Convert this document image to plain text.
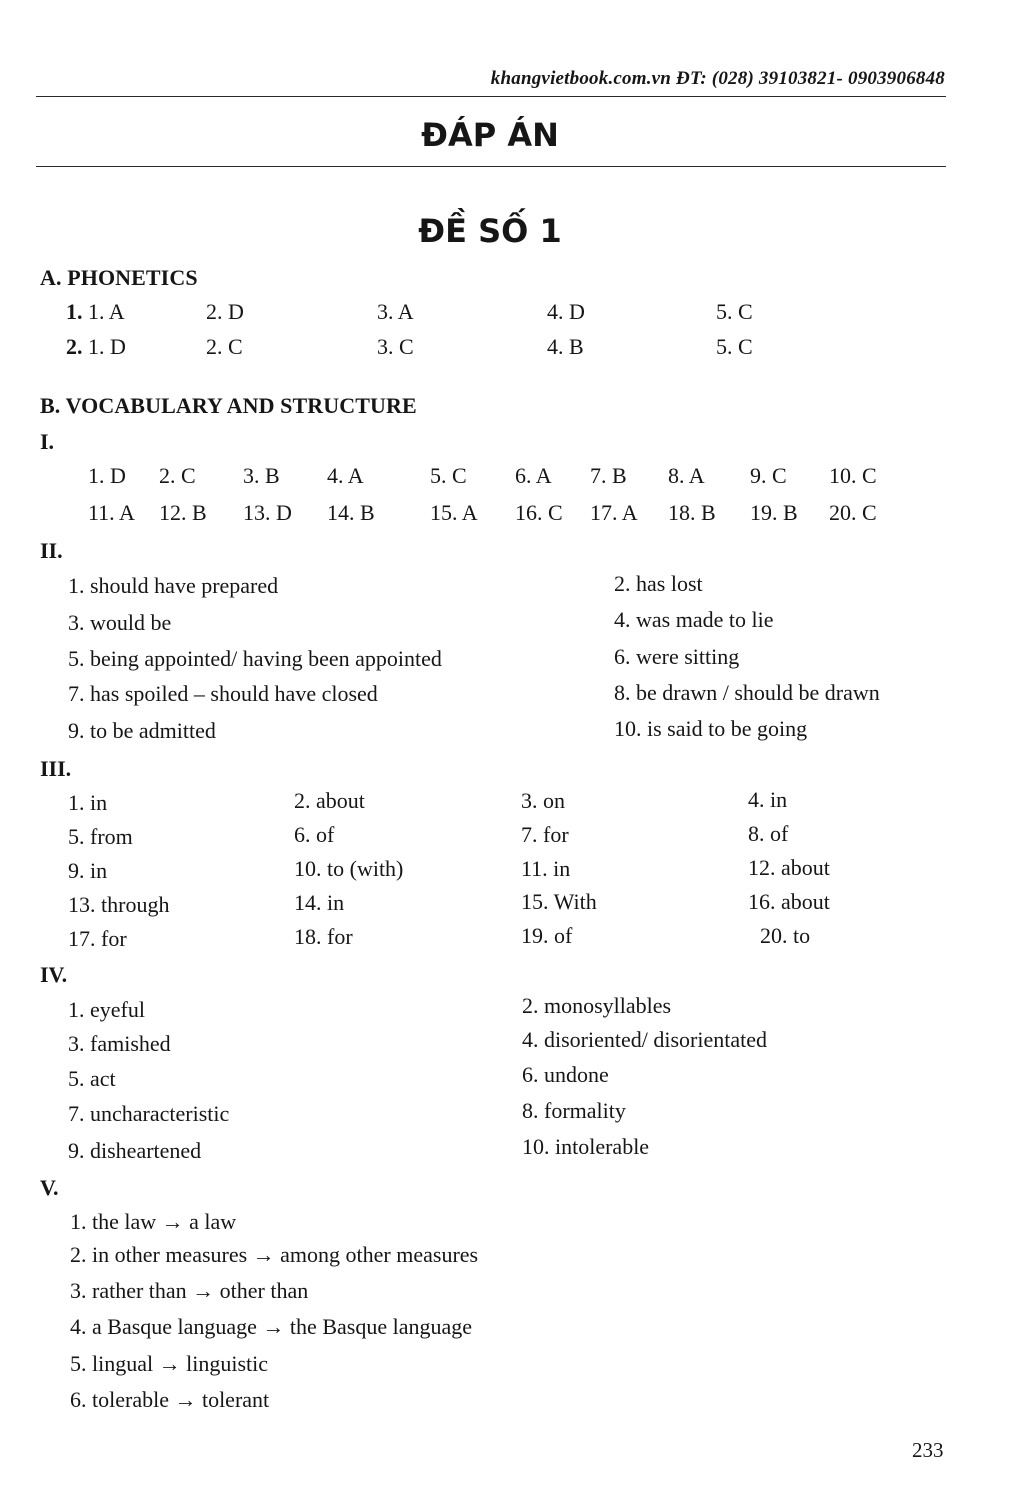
khangvietbook.com.vn ĐT: (028) 39103821- 0903906848
ĐÁP ÁN
ĐỀ SỐ 1
A. PHONETICS
1. 1. A	2. D	3. A	4. D	5. C
2. 1. D	2. C	3. C	4. B	5. C
B. VOCABULARY AND STRUCTURE
I.
1. D 2. C 3. B 4. A	5. C 6. A 7. B 8. A 9. C 10. C
11. A 12. B 13. D 14. B	15. A 16. C 17. A 18. B 19. B 20. C
II.
1. should have prepared	2. has lost
3. would be	4. was made to lie
5. being appointed/ having been appointed	6. were sitting
7. has spoiled – should have closed	8. be drawn / should be drawn
9. to be admitted	10. is said to be going
III.
1. in	2. about	3. on	4. in
5. from	6. of	7. for	8. of
9. in	10. to (with)	11. in	12. about
13. through	14. in	15. With	16. about
17. for	18. for	19. of	20. to
IV.
1. eyeful	2. monosyllables
3. famished	4. disoriented/ disorientated
5. act	6. undone
7. uncharacteristic	8. formality
9. disheartened	10. intolerable
V.
1. the law → a law
2. in other measures → among other measures
3. rather than → other than
4. a Basque language → the Basque language
5. lingual → linguistic
6. tolerable → tolerant
233
